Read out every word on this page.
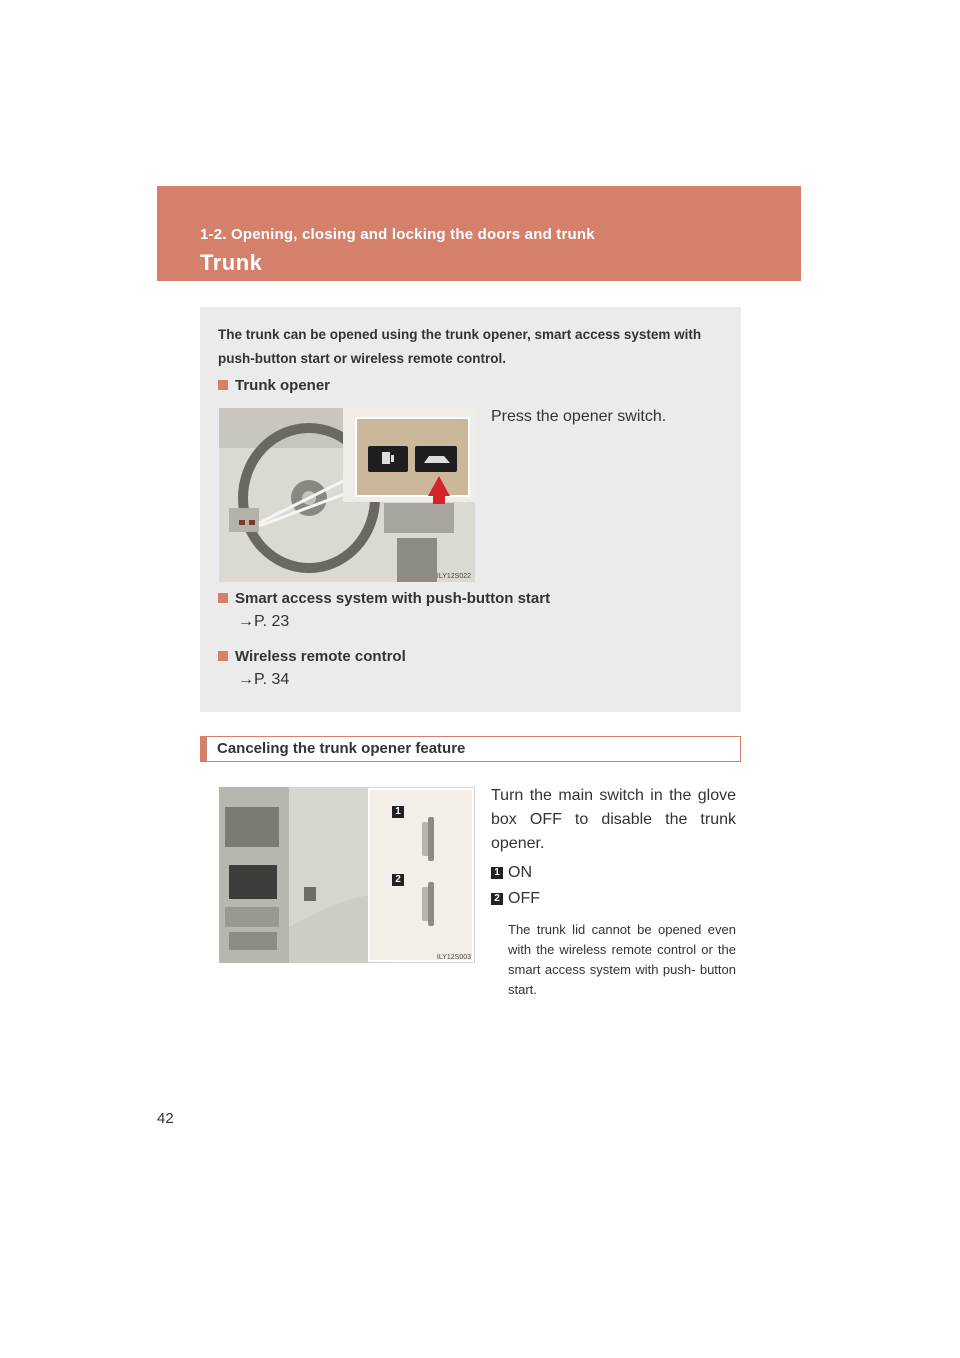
1-2. Opening, closing and locking the doors and trunk
Trunk
The trunk can be opened using the trunk opener, smart access system with push-button start or wireless remote control.
Trunk opener
ILY12S022
Press the opener switch.
Smart access system with push-button start
→P. 23
Wireless remote control
→P. 34
Canceling the trunk opener feature
ILY12S003
1
2
Turn the main switch in the glove box OFF to disable the trunk opener.
1 ON
2 OFF
The trunk lid cannot be opened even with the wireless remote control or the smart access system with push- button start.
42
